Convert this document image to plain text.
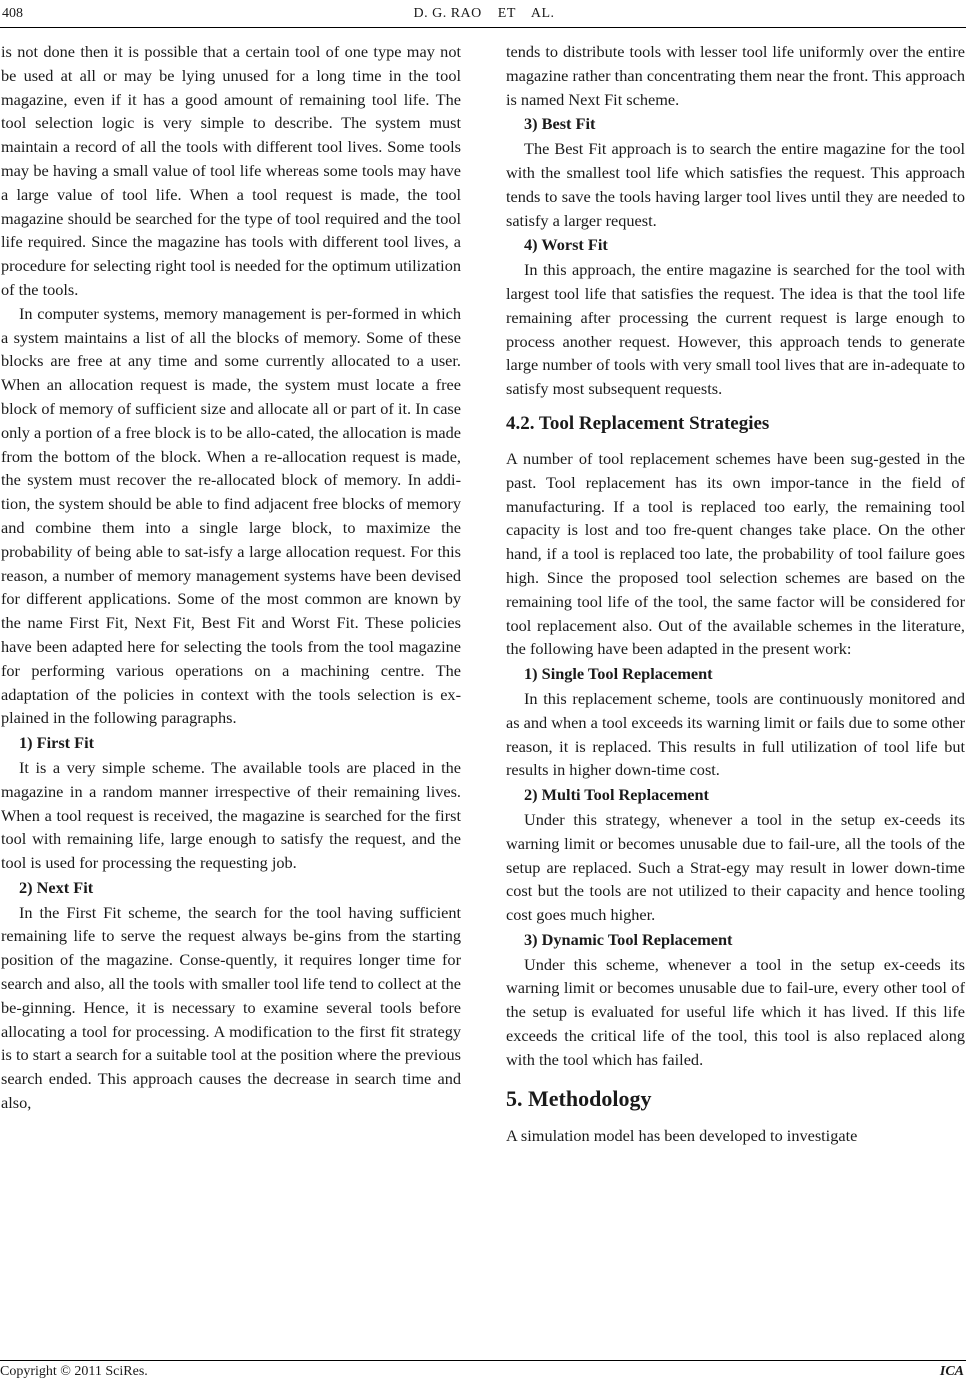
408	D. G. RAO    ET    AL.

is not done then it is possible that a certain tool of one type may not be used at all or may be lying unused for a long time in the tool magazine, even if it has a good amount of remaining tool life. The tool selection logic is very simple to describe. The system must maintain a record of all the tools with different tool lives. Some tools may be having a small value of tool life whereas some tools may have a large value of tool life. When a tool request is made, the tool magazine should be searched for the type of tool required and the tool life required. Since the magazine has tools with different tool lives, a procedure for selecting right tool is needed for the optimum utilization of the tools.

In computer systems, memory management is per-formed in which a system maintains a list of all the blocks of memory. Some of these blocks are free at any time and some currently allocated to a user. When an allocation request is made, the system must locate a free block of memory of sufficient size and allocate all or part of it. In case only a portion of a free block is to be allo-cated, the allocation is made from the bottom of the block. When a re-allocation request is made, the system must recover the re-allocated block of memory. In addi-tion, the system should be able to find adjacent free blocks of memory and combine them into a single large block, to maximize the probability of being able to sat-isfy a large allocation request. For this reason, a number of memory management systems have been devised for different applications. Some of the most common are known by the name First Fit, Next Fit, Best Fit and Worst Fit. These policies have been adapted here for selecting the tools from the tool magazine for performing various operations on a machining centre. The adaptation of the policies in context with the tools selection is ex-plained in the following paragraphs.

1) First Fit

It is a very simple scheme. The available tools are placed in the magazine in a random manner irrespective of their remaining lives. When a tool request is received, the magazine is searched for the first tool with remaining life, large enough to satisfy the request, and the tool is used for processing the requesting job.

2) Next Fit

In the First Fit scheme, the search for the tool having sufficient remaining life to serve the request always be-gins from the starting position of the magazine. Conse-quently, it requires longer time for search and also, all the tools with smaller tool life tend to collect at the be-ginning. Hence, it is necessary to examine several tools before allocating a tool for processing. A modification to the first fit strategy is to start a search for a suitable tool at the position where the previous search ended. This approach causes the decrease in search time and also,

tends to distribute tools with lesser tool life uniformly over the entire magazine rather than concentrating them near the front. This approach is named Next Fit scheme.

3) Best Fit

The Best Fit approach is to search the entire magazine for the tool with the smallest tool life which satisfies the request. This approach tends to save the tools having larger tool lives until they are needed to satisfy a larger request.

4) Worst Fit

In this approach, the entire magazine is searched for the tool with largest tool life that satisfies the request. The idea is that the tool life remaining after processing the current request is large enough to process another request. However, this approach tends to generate large number of tools with very small tool lives that are in-adequate to satisfy most subsequent requests.

4.2. Tool Replacement Strategies

A number of tool replacement schemes have been sug-gested in the past. Tool replacement has its own impor-tance in the field of manufacturing. If a tool is replaced too early, the remaining tool capacity is lost and too fre-quent changes take place. On the other hand, if a tool is replaced too late, the probability of tool failure goes high. Since the proposed tool selection schemes are based on the remaining tool life of the tool, the same factor will be considered for tool replacement also. Out of the available schemes in the literature, the following have been adapted in the present work:

1) Single Tool Replacement

In this replacement scheme, tools are continuously monitored and as and when a tool exceeds its warning limit or fails due to some other reason, it is replaced. This results in full utilization of tool life but results in higher down-time cost.

2) Multi Tool Replacement

Under this strategy, whenever a tool in the setup ex-ceeds its warning limit or becomes unusable due to fail-ure, all the tools of the setup are replaced. Such a Strat-egy may result in lower down-time cost but the tools are not utilized to their capacity and hence tooling cost goes much higher.

3) Dynamic Tool Replacement

Under this scheme, whenever a tool in the setup ex-ceeds its warning limit or becomes unusable due to fail-ure, every other tool of the setup is evaluated for useful life which it has lived. If this life exceeds the critical life of the tool, this tool is also replaced along with the tool which has failed.

5. Methodology

A simulation model has been developed to investigate

Copyright © 2011 SciRes.	ICA
